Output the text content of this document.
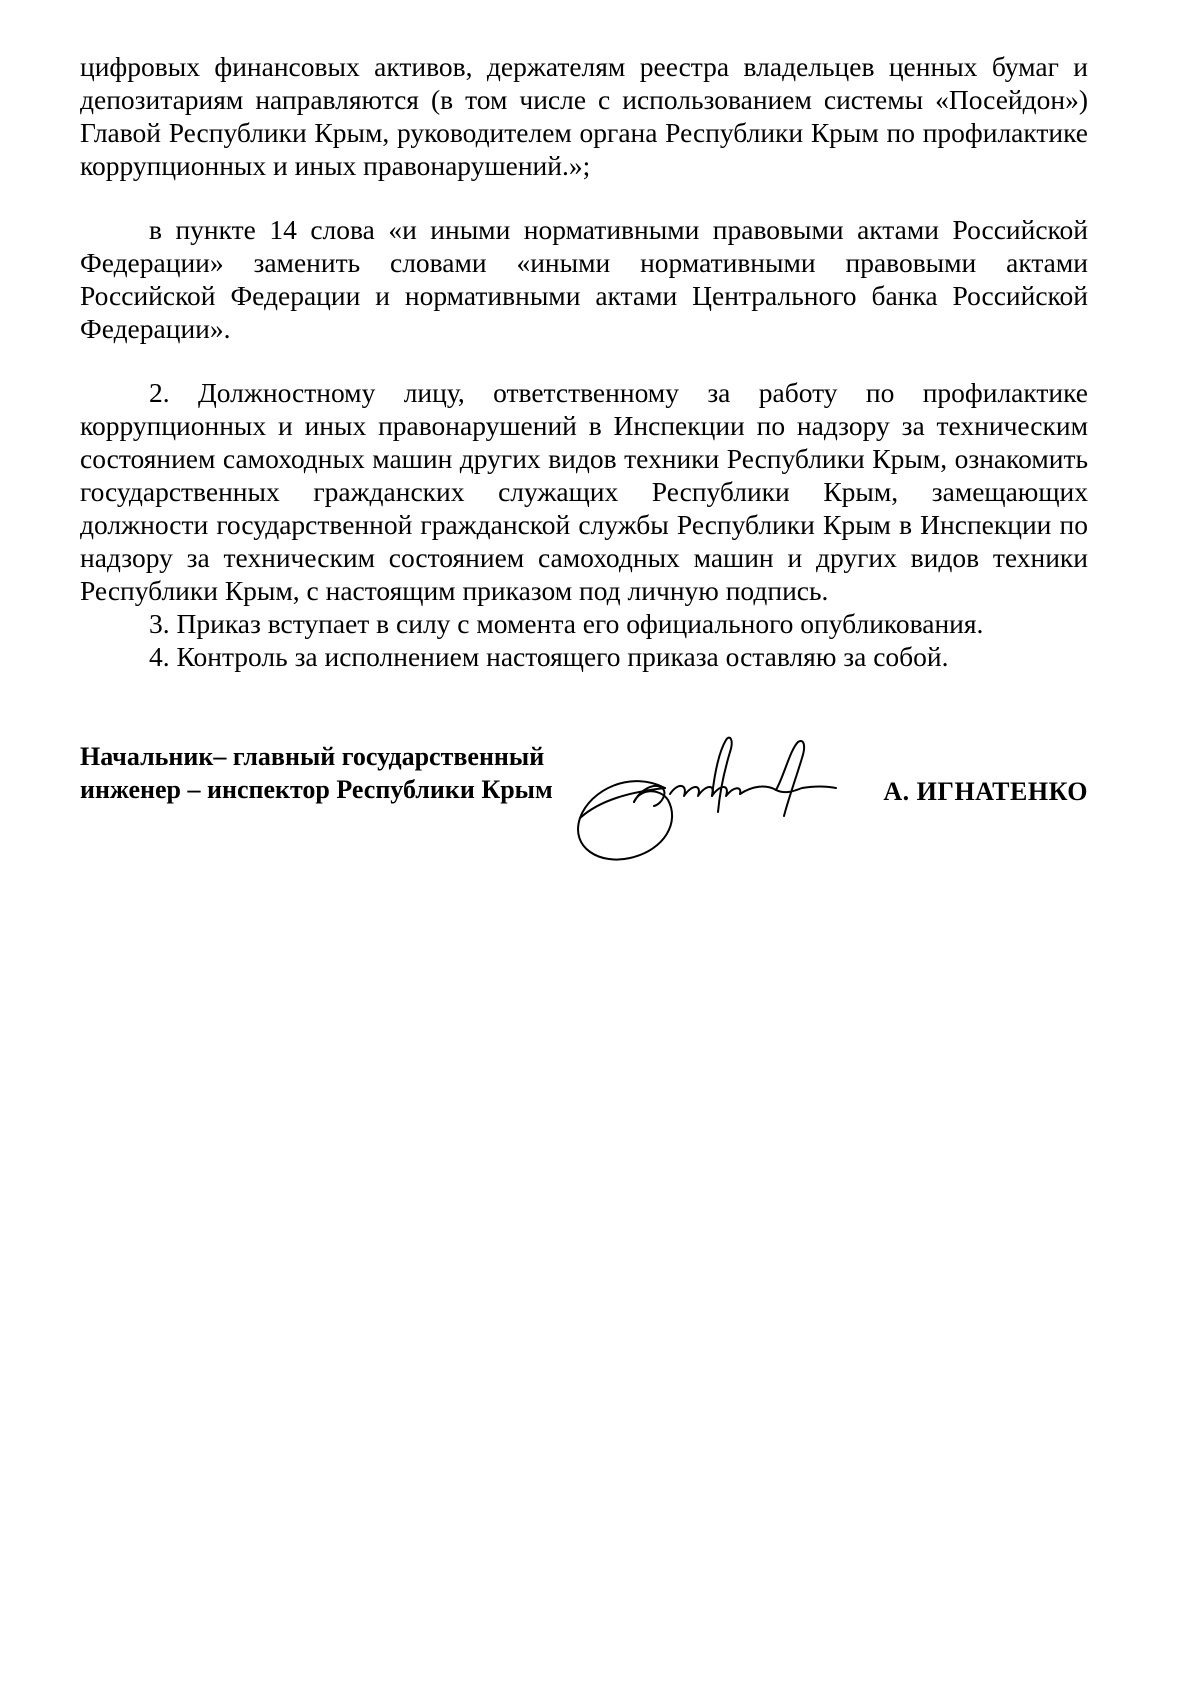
цифровых финансовых активов, держателям реестра владельцев ценных бумаг и депозитариям направляются (в том числе с использованием системы «Посейдон») Главой Республики Крым, руководителем органа Республики Крым по профилактике коррупционных и иных правонарушений.»;

в пункте 14 слова «и иными нормативными правовыми актами Российской Федерации» заменить словами «иными нормативными правовыми актами Российской Федерации и нормативными актами Центрального банка Российской Федерации».

2. Должностному лицу, ответственному за работу по профилактике коррупционных и иных правонарушений в Инспекции по надзору за техническим состоянием самоходных машин других видов техники Республики Крым, ознакомить государственных гражданских служащих Республики Крым, замещающих должности государственной гражданской службы Республики Крым в Инспекции по надзору за техническим состоянием самоходных машин и других видов техники Республики Крым, с настоящим приказом под личную подпись.

3. Приказ вступает в силу с момента его официального опубликования.

4. Контроль за исполнением настоящего приказа оставляю за собой.

Начальник– главный государственный
инженер – инспектор Республики Крым	А. ИГНАТЕНКО
